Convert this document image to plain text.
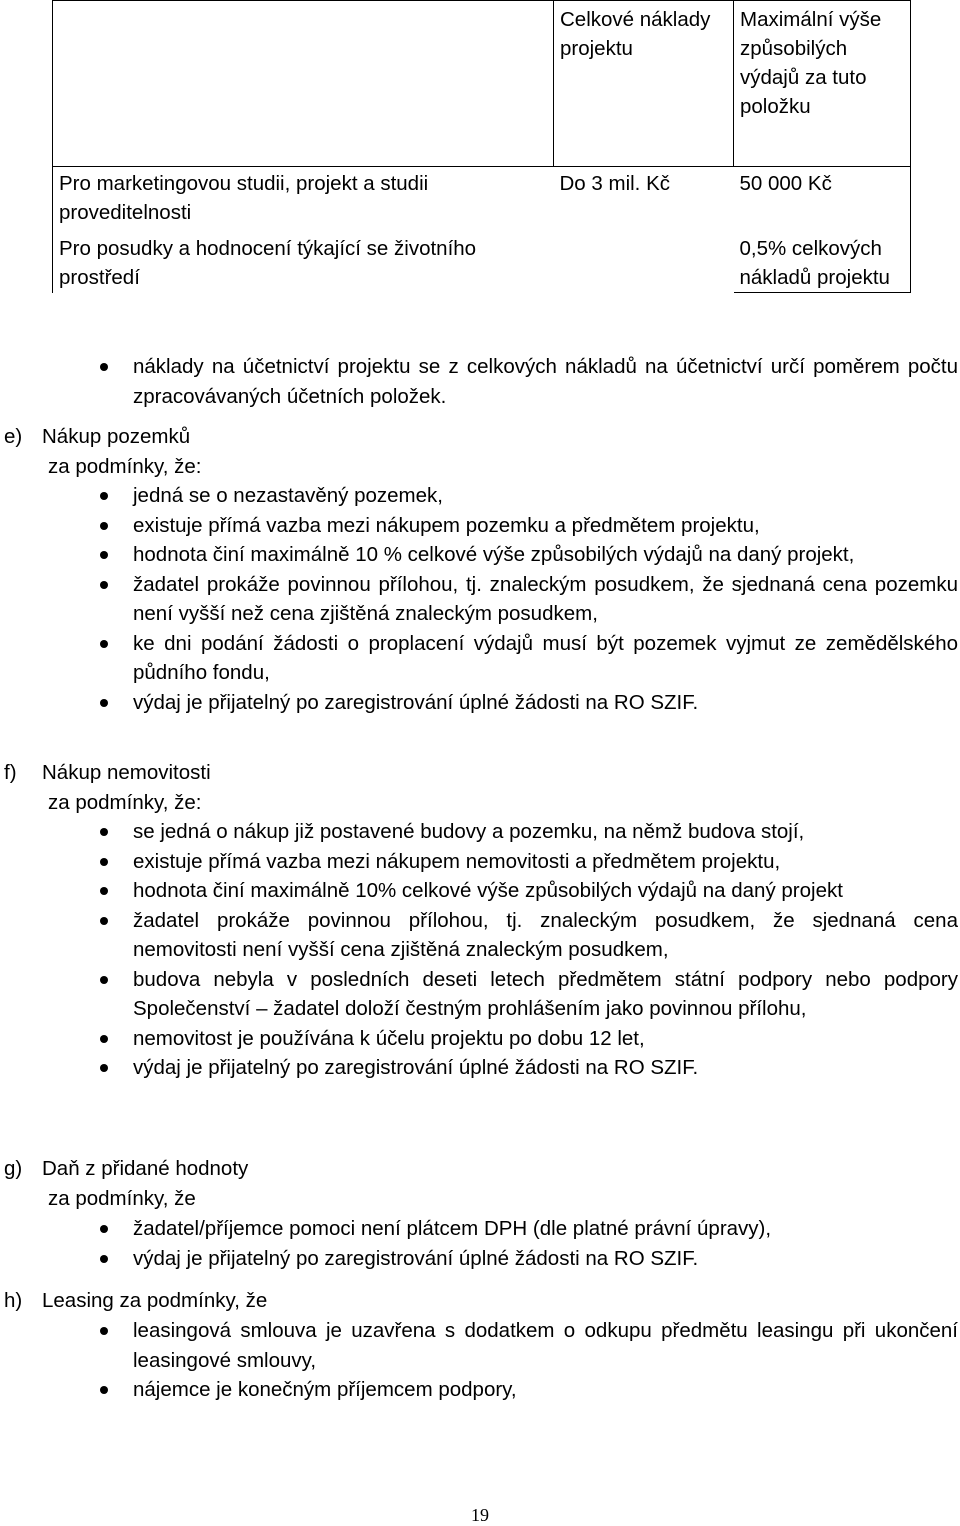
	Celkové náklady projektu	Maximální výše způsobilých výdajů za tuto položku
Pro marketingovou studii, projekt a studii proveditelnosti	Do 3 mil. Kč	50 000 Kč
Pro posudky a hodnocení týkající se životního prostředí		0,5% celkových nákladů projektu
náklady na účetnictví projektu se z celkových nákladů na účetnictví určí poměrem počtu zpracovávaných účetních položek.
e) Nákup pozemků
za podmínky, že:
jedná se o nezastavěný pozemek,
existuje přímá vazba mezi nákupem pozemku a předmětem projektu,
hodnota činí maximálně 10 % celkové výše způsobilých výdajů na daný projekt,
žadatel prokáže povinnou přílohou, tj. znaleckým posudkem, že sjednaná cena pozemku není vyšší než cena zjištěná znaleckým posudkem,
ke dni podání žádosti o proplacení výdajů musí být pozemek vyjmut ze zemědělského půdního fondu,
výdaj je přijatelný po zaregistrování úplné žádosti na RO SZIF.
f) Nákup nemovitosti
za podmínky, že:
se jedná o nákup již postavené budovy a pozemku, na němž budova stojí,
existuje přímá vazba mezi nákupem nemovitosti a předmětem projektu,
hodnota činí maximálně 10% celkové výše způsobilých výdajů na daný projekt
žadatel prokáže povinnou přílohou, tj. znaleckým posudkem, že sjednaná cena nemovitosti není vyšší cena zjištěná znaleckým posudkem,
budova nebyla v posledních deseti letech předmětem státní podpory nebo podpory Společenství – žadatel doloží čestným prohlášením jako povinnou přílohu,
nemovitost je používána k účelu projektu po dobu 12 let,
výdaj je přijatelný po zaregistrování úplné žádosti na RO SZIF.
g) Daň z přidané hodnoty
za podmínky, že
žadatel/příjemce pomoci není plátcem DPH (dle platné právní úpravy),
výdaj je přijatelný po zaregistrování úplné žádosti na RO SZIF.
h) Leasing za podmínky, že
leasingová smlouva je uzavřena s dodatkem o odkupu předmětu leasingu při ukončení leasingové smlouvy,
nájemce je konečným příjemcem podpory,
19
